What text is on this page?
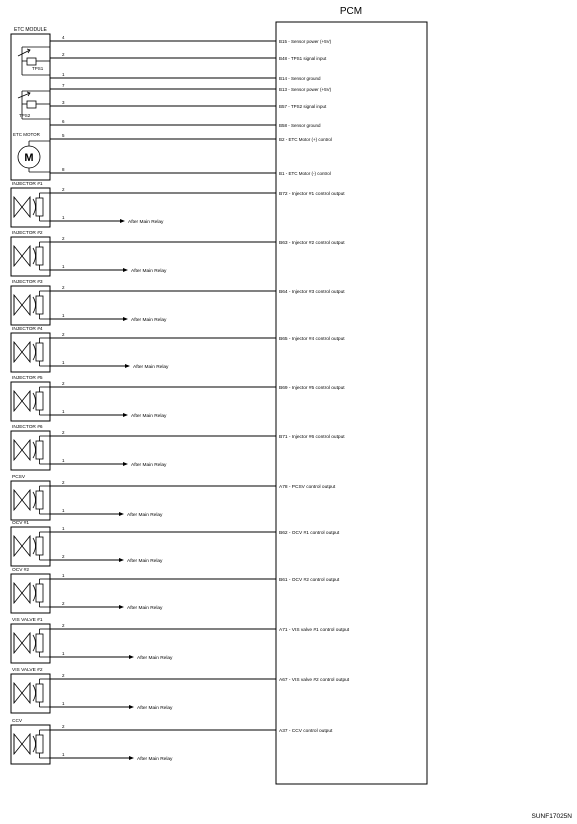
PCM
ETC MODULE
TPS1
TPS2
ETC MOTOR
M
4
B15 - Sensor power (+5V)
2
B48 - TPS1 signal input
1
B14 - Sensor ground
7
B13 - Sensor power (+5V)
3
B57 - TPS2 signal input
6
B58 - Sensor ground
5
B2 - ETC Motor (+) control
8
B1 - ETC Motor (-) control
INJECTOR #1
2
B72 - Injector #1 control output
1
After Main Relay
INJECTOR #2
2
B63 - Injector #2 control output
1
After Main Relay
INJECTOR #3
2
B64 - Injector #3 control output
1
After Main Relay
INJECTOR #4
2
B65 - Injector #4 control output
1
After Main Relay
INJECTOR #5
2
B69 - Injector #5 control output
1
After Main Relay
INJECTOR #6
2
B71 - Injector #6 control output
1
After Main Relay
PCSV
2
A78 - PCSV control output
1
After Main Relay
OCV #1
1
B62 - OCV #1 control output
2
After Main Relay
OCV #2
1
B61 - OCV #2 control output
2
After Main Relay
VIS VALVE #1
2
A71 - VIS valve #1 control output
1
After Main Relay
VIS VALVE #2
2
A67 - VIS valve #2 control output
1
After Main Relay
CCV
2
A37 - CCV control output
1
After Main Relay
SUNF17025N
